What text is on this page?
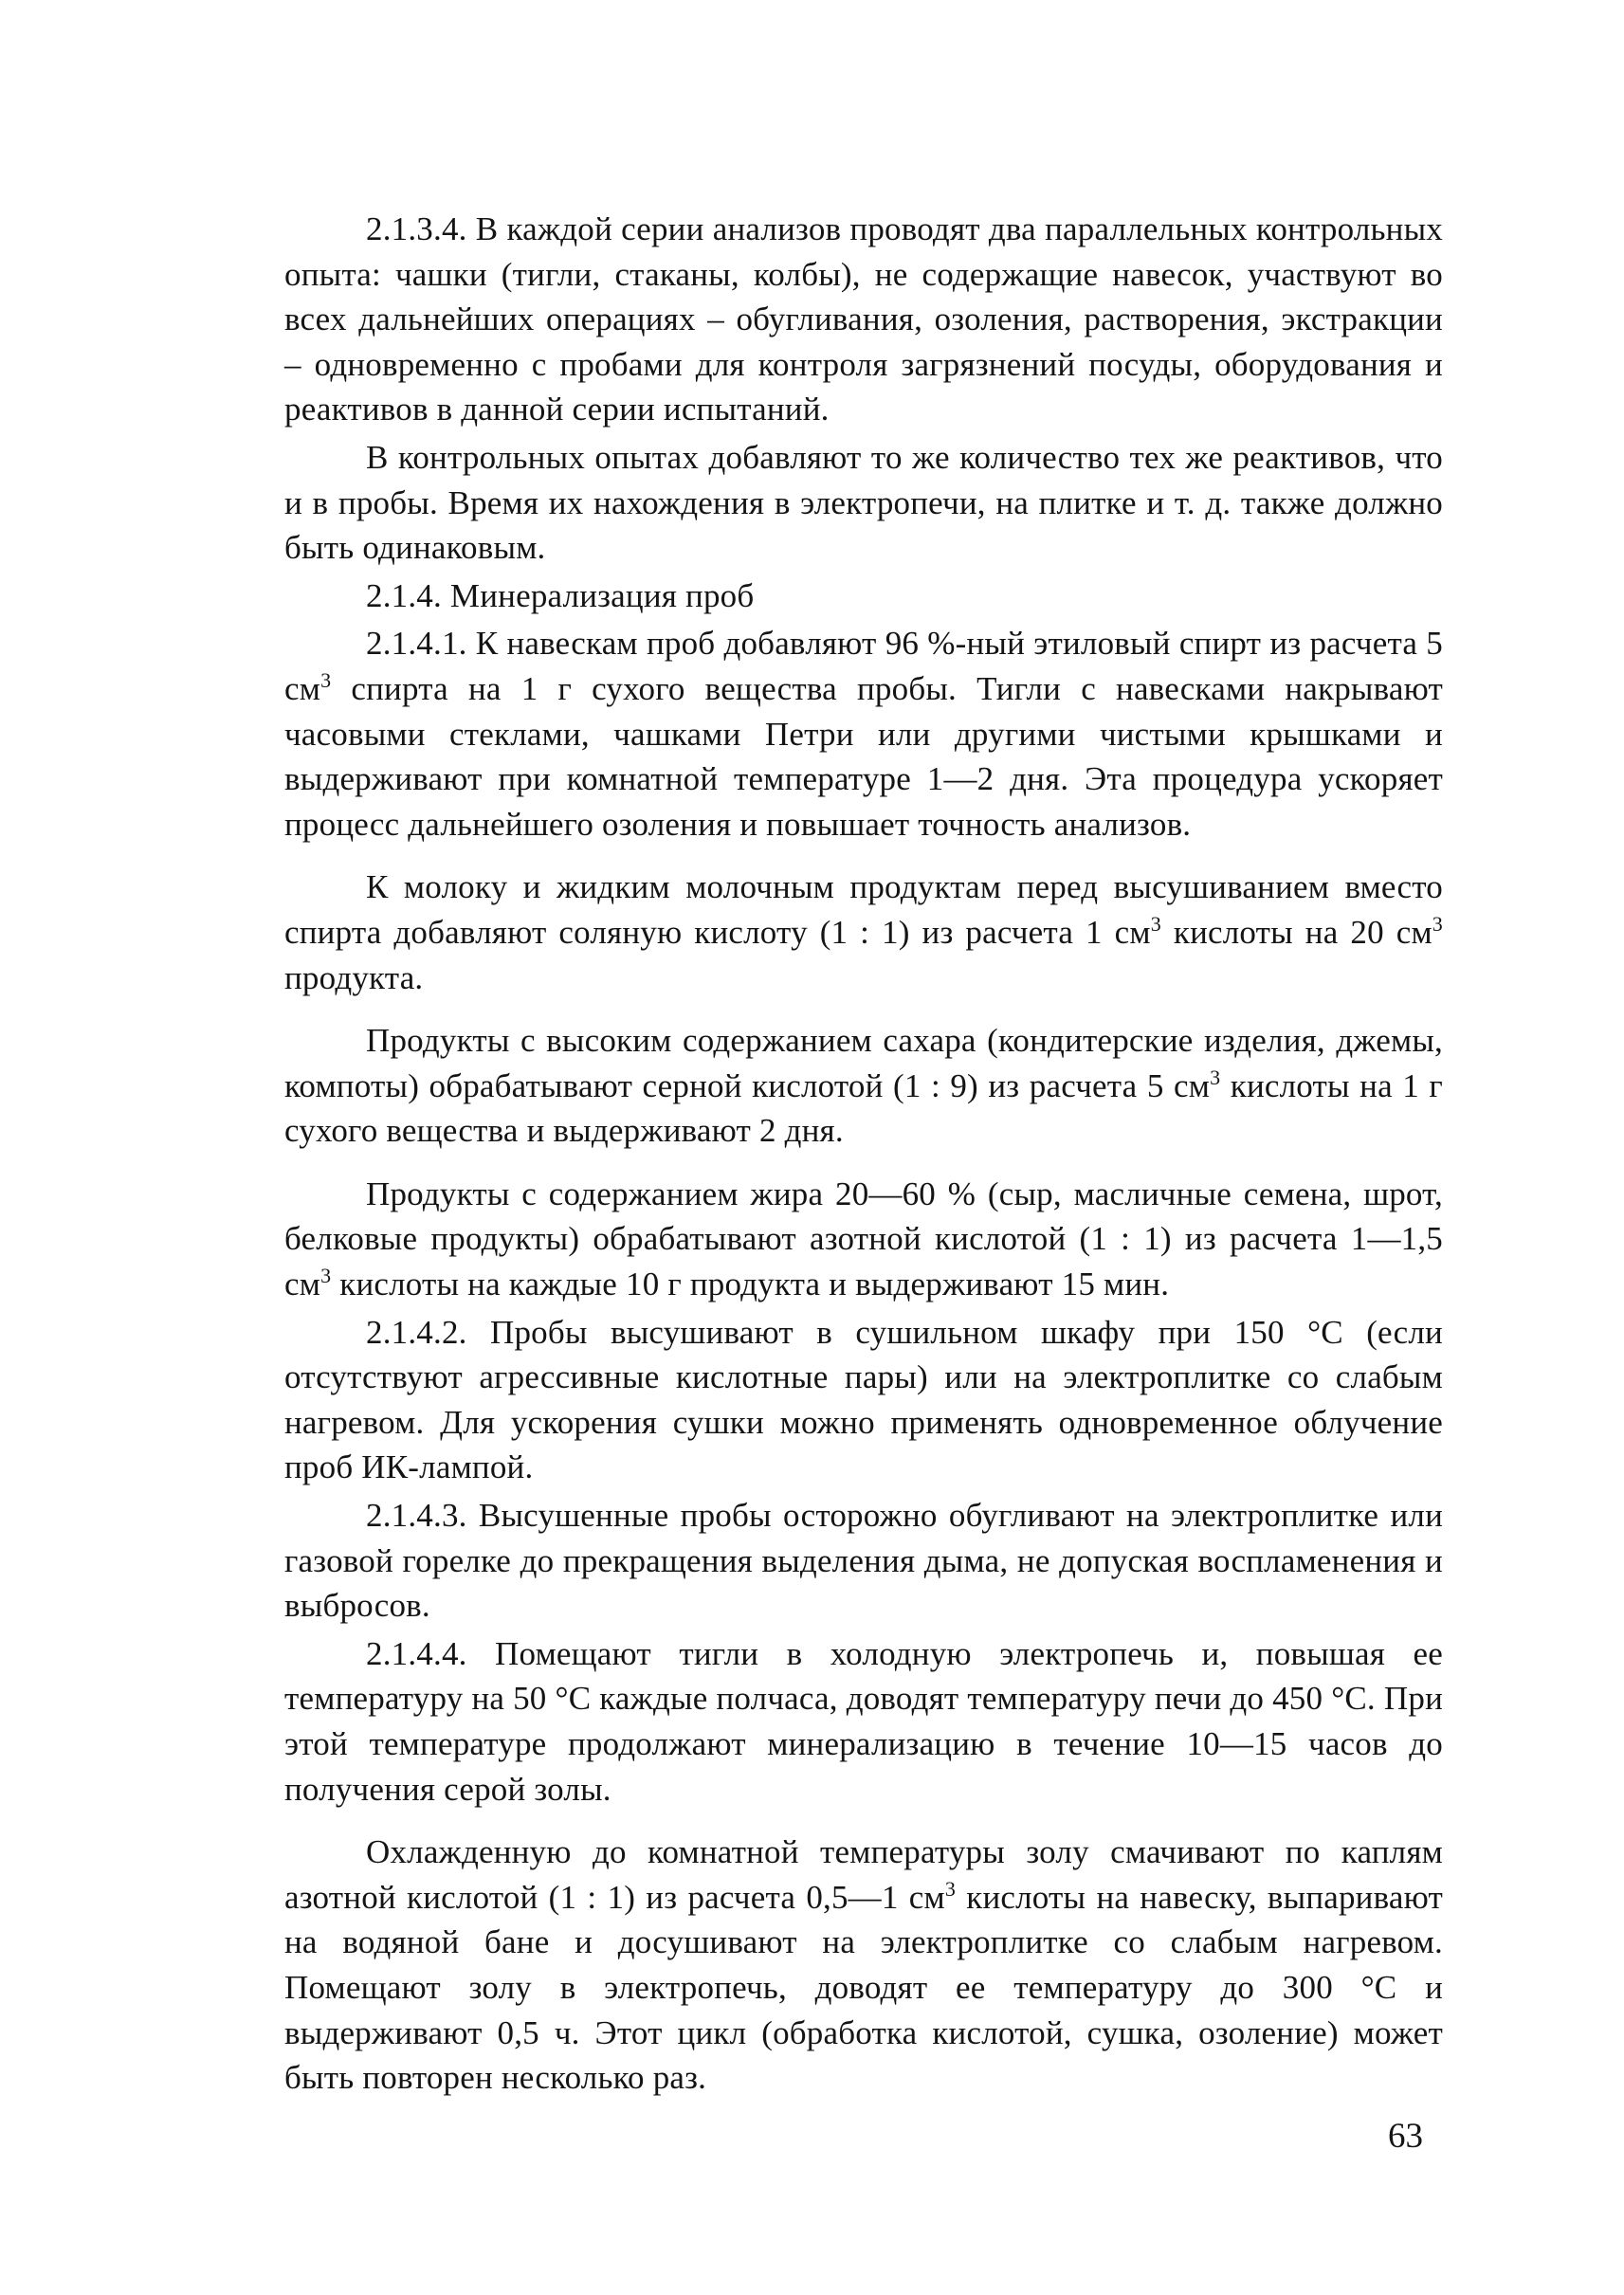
2.1.3.4. В каждой серии анализов проводят два параллельных контрольных опыта: чашки (тигли, стаканы, колбы), не содержащие навесок, участвуют во всех дальнейших операциях – обугливания, озоления, растворения, экстракции – одновременно с пробами для контроля загрязнений посуды, оборудования и реактивов в данной серии испытаний.

В контрольных опытах добавляют то же количество тех же реактивов, что и в пробы. Время их нахождения в электропечи, на плитке и т. д. также должно быть одинаковым.

2.1.4. Минерализация проб

2.1.4.1. К навескам проб добавляют 96 %-ный этиловый спирт из расчета 5 $см^3$ спирта на 1 г сухого вещества пробы. Тигли с навесками накрывают часовыми стеклами, чашками Петри или другими чистыми крышками и выдерживают при комнатной температуре 1—2 дня. Эта процедура ускоряет процесс дальнейшего озоления и повышает точность анализов.

К молоку и жидким молочным продуктам перед высушиванием вместо спирта добавляют соляную кислоту (1 : 1) из расчета 1 $см^3$ кислоты на 20 $см^3$ продукта.

Продукты с высоким содержанием сахара (кондитерские изделия, джемы, компоты) обрабатывают серной кислотой (1 : 9) из расчета 5 $см^3$ кислоты на 1 г сухого вещества и выдерживают 2 дня.

Продукты с содержанием жира 20—60 % (сыр, масличные семена, шрот, белковые продукты) обрабатывают азотной кислотой (1 : 1) из расчета 1—1,5 $см^3$ кислоты на каждые 10 г продукта и выдерживают 15 мин.

2.1.4.2. Пробы высушивают в сушильном шкафу при 150 °С (если отсутствуют агрессивные кислотные пары) или на электроплитке со слабым нагревом. Для ускорения сушки можно применять одновременное облучение проб ИК-лампой.

2.1.4.3. Высушенные пробы осторожно обугливают на электроплитке или газовой горелке до прекращения выделения дыма, не допуская воспламенения и выбросов.

2.1.4.4. Помещают тигли в холодную электропечь и, повышая ее температуру на 50 °С каждые полчаса, доводят температуру печи до 450 °С. При этой температуре продолжают минерализацию в течение 10—15 часов до получения серой золы.

Охлажденную до комнатной температуры золу смачивают по каплям азотной кислотой (1 : 1) из расчета 0,5—1 $см^3$ кислоты на навеску, выпаривают на водяной бане и досушивают на электроплитке со слабым нагревом. Помещают золу в электропечь, доводят ее температуру до 300 °С и выдерживают 0,5 ч. Этот цикл (обработка кислотой, сушка, озоление) может быть повторен несколько раз.

63
